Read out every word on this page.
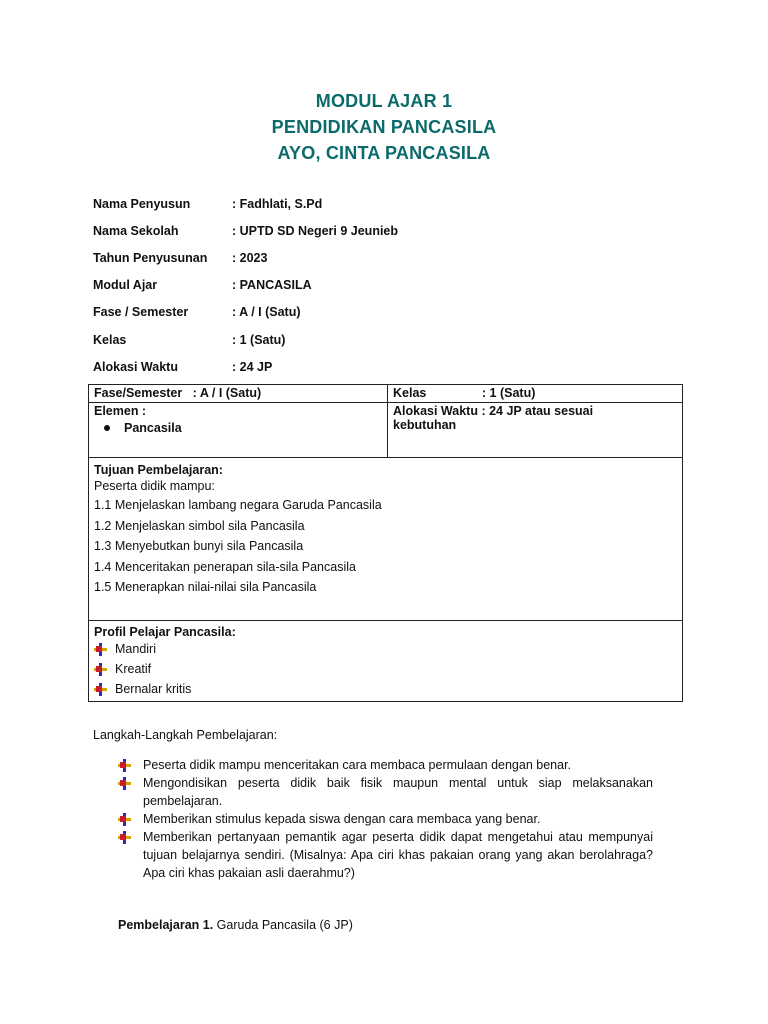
MODUL AJAR 1
PENDIDIKAN PANCASILA
AYO, CINTA PANCASILA
Nama Penyusun	: Fadhlati, S.Pd
Nama Sekolah	: UPTD SD Negeri 9 Jeunieb
Tahun Penyusunan	: 2023
Modul Ajar	: PANCASILA
Fase / Semester	: A / I (Satu)
Kelas	: 1 (Satu)
Alokasi Waktu	: 24 JP
Fase/Semester   : A / I (Satu)	Kelas                : 1 (Satu)
Elemen :
Pancasila
Alokasi Waktu : 24 JP atau sesuai
kebutuhan
Tujuan Pembelajaran:
Peserta didik mampu:
1.1 Menjelaskan lambang negara Garuda Pancasila
1.2 Menjelaskan simbol sila Pancasila
1.3 Menyebutkan bunyi sila Pancasila
1.4 Menceritakan penerapan sila-sila Pancasila
1.5 Menerapkan nilai-nilai sila Pancasila
Profil Pelajar Pancasila:
Mandiri
Kreatif
Bernalar kritis
Langkah-Langkah Pembelajaran:
Peserta didik mampu menceritakan cara membaca permulaan dengan benar.
Mengondisikan peserta didik baik fisik maupun mental untuk siap melaksanakan pembelajaran.
Memberikan stimulus kepada siswa dengan cara membaca yang benar.
Memberikan pertanyaan pemantik agar peserta didik dapat mengetahui atau mempunyai tujuan belajarnya sendiri. (Misalnya: Apa ciri khas pakaian orang yang akan berolahraga? Apa ciri khas pakaian asli daerahmu?)
Pembelajaran 1. Garuda Pancasila (6 JP)
